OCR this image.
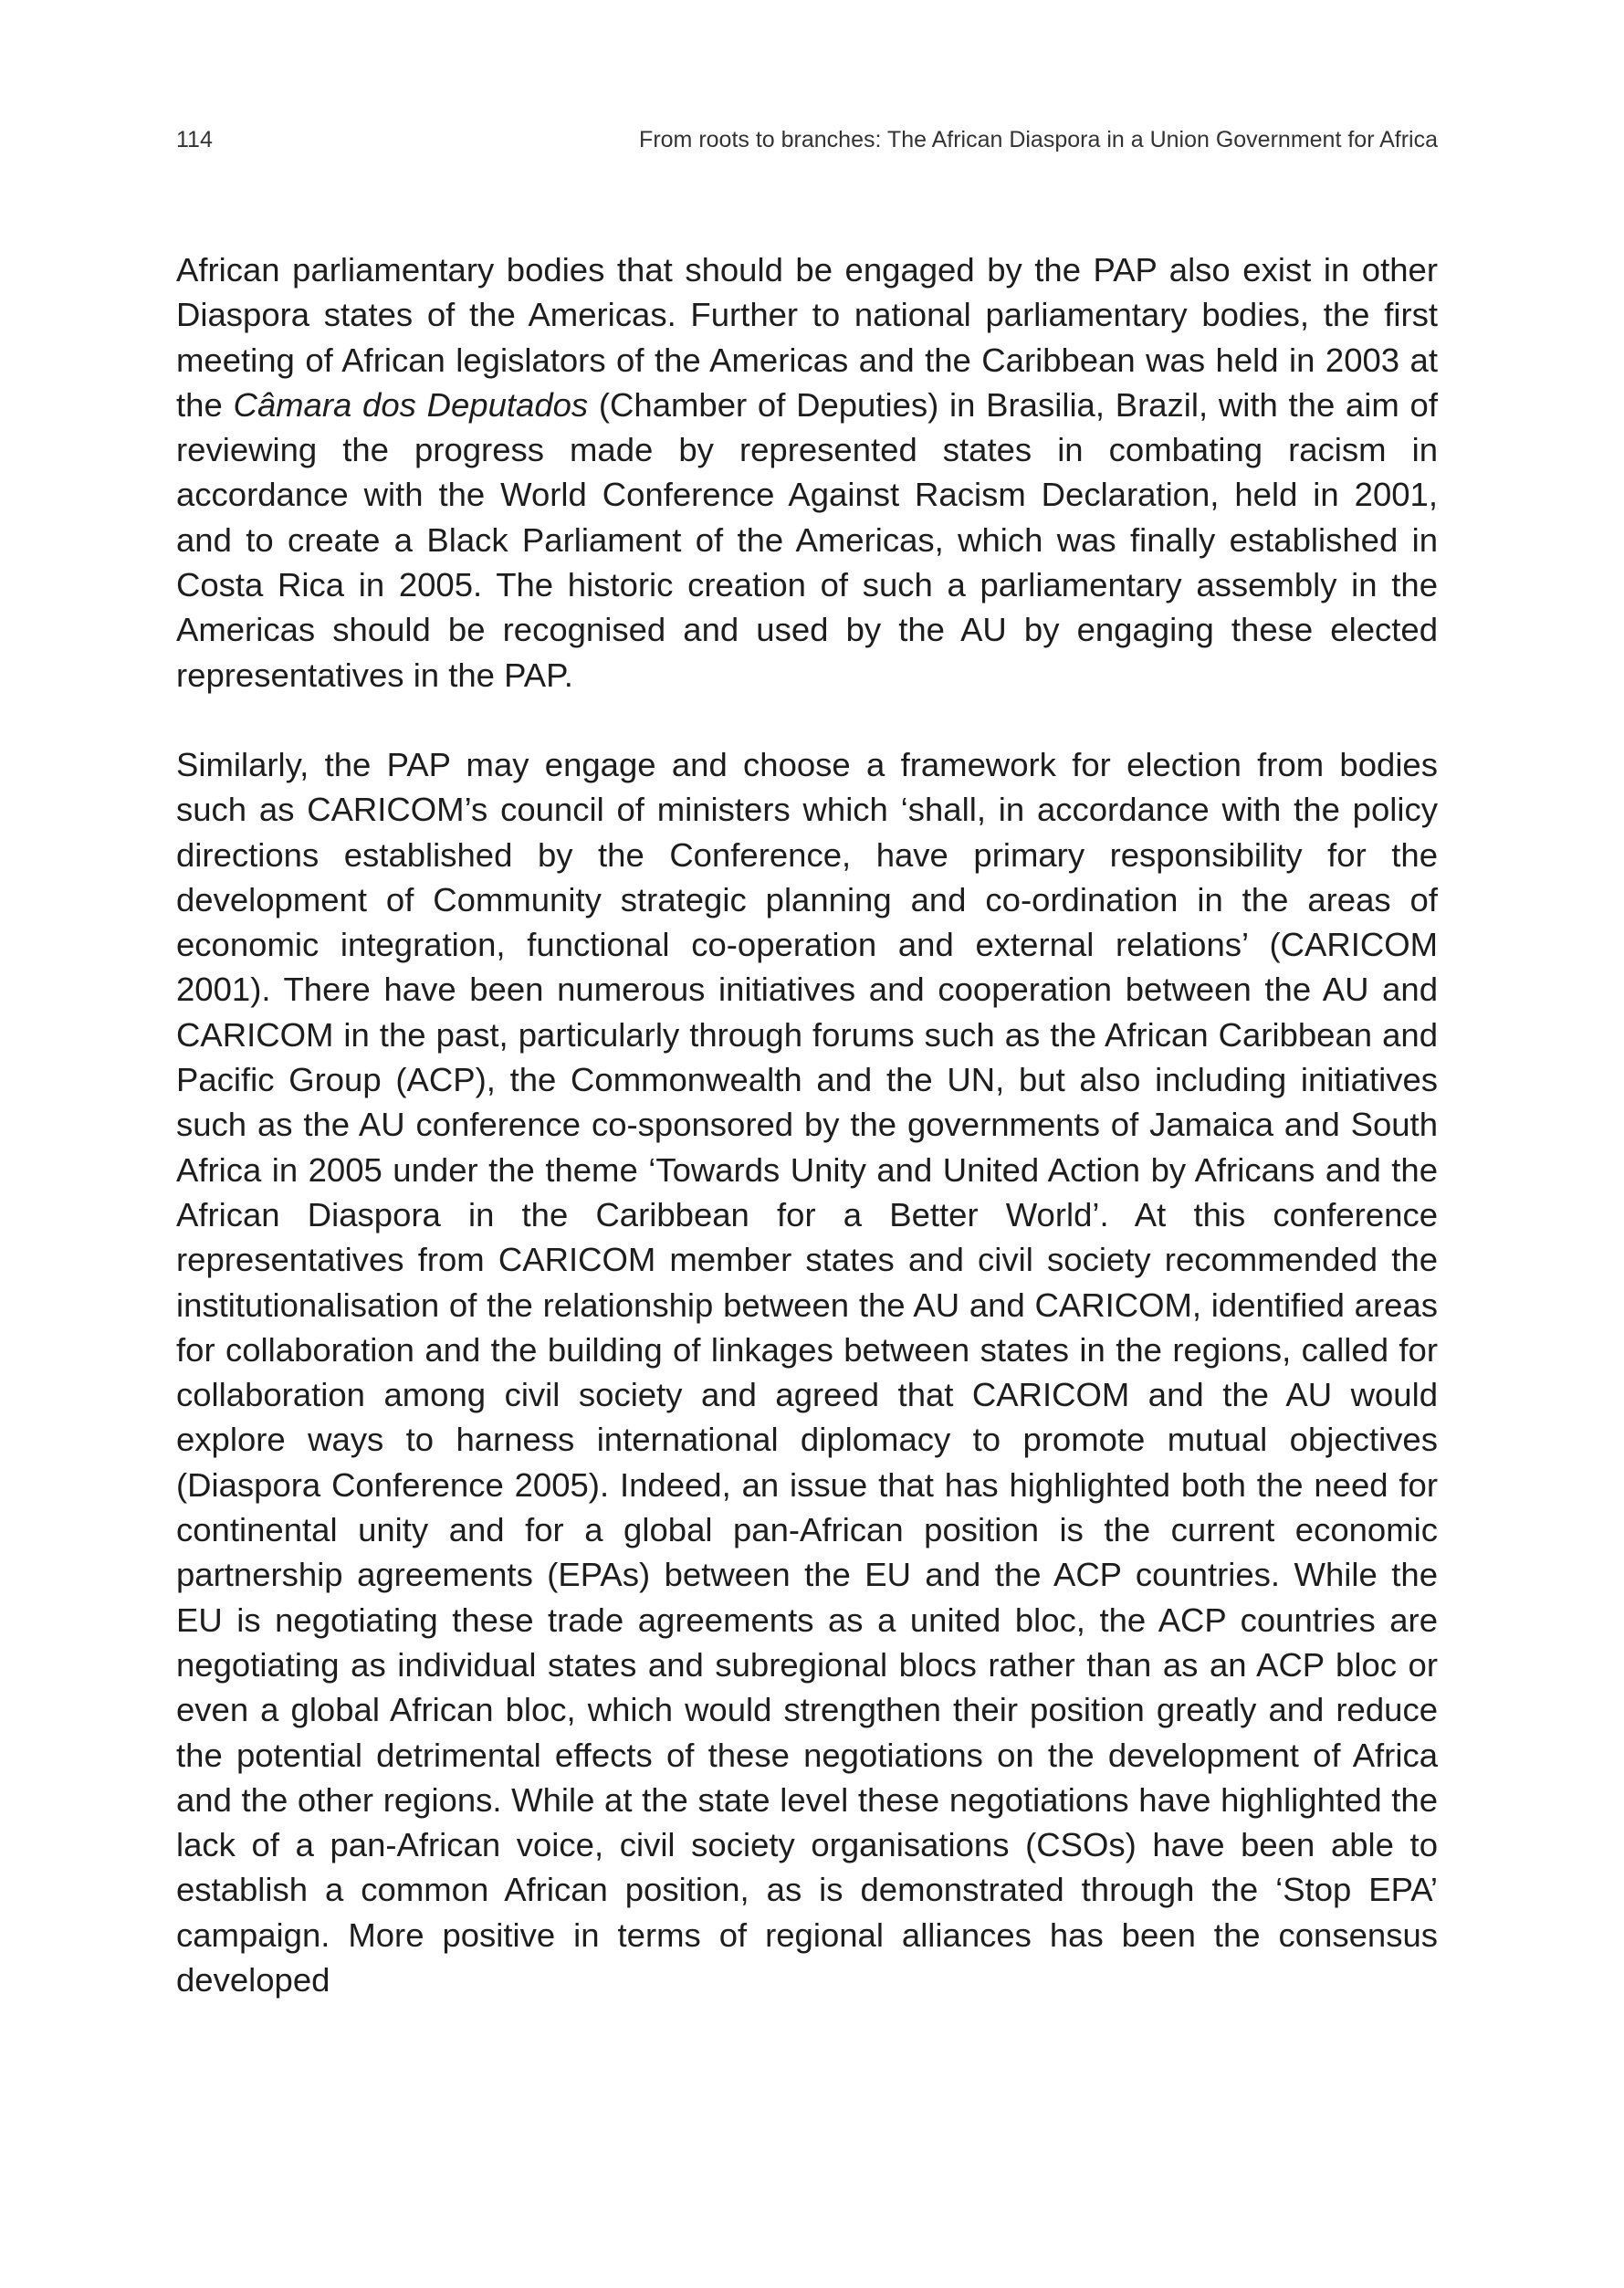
114	From roots to branches: The African Diaspora in a Union Government for Africa

African parliamentary bodies that should be engaged by the PAP also exist in other Diaspora states of the Americas. Further to national parliamentary bodies, the first meeting of African legislators of the Americas and the Caribbean was held in 2003 at the Câmara dos Deputados (Chamber of Deputies) in Brasilia, Brazil, with the aim of reviewing the progress made by represented states in combating racism in accordance with the World Conference Against Racism Declaration, held in 2001, and to create a Black Parliament of the Americas, which was finally established in Costa Rica in 2005. The historic creation of such a parliamentary assembly in the Americas should be recognised and used by the AU by engaging these elected representatives in the PAP.

Similarly, the PAP may engage and choose a framework for election from bodies such as CARICOM’s council of ministers which ‘shall, in accordance with the policy directions established by the Conference, have primary responsibility for the development of Community strategic planning and co-ordination in the areas of economic integration, functional co-operation and external relations’ (CARICOM 2001). There have been numerous initiatives and cooperation between the AU and CARICOM in the past, particularly through forums such as the African Caribbean and Pacific Group (ACP), the Commonwealth and the UN, but also including initiatives such as the AU conference co-sponsored by the governments of Jamaica and South Africa in 2005 under the theme ‘Towards Unity and United Action by Africans and the African Diaspora in the Caribbean for a Better World’. At this conference representatives from CARICOM member states and civil society recommended the institutionalisation of the relationship between the AU and CARICOM, identified areas for collaboration and the building of linkages between states in the regions, called for collaboration among civil society and agreed that CARICOM and the AU would explore ways to harness international diplomacy to promote mutual objectives (Diaspora Conference 2005). Indeed, an issue that has highlighted both the need for continental unity and for a global pan-African position is the current economic partnership agreements (EPAs) between the EU and the ACP countries. While the EU is negotiating these trade agreements as a united bloc, the ACP countries are negotiating as individual states and subregional blocs rather than as an ACP bloc or even a global African bloc, which would strengthen their position greatly and reduce the potential detrimental effects of these negotiations on the development of Africa and the other regions. While at the state level these negotiations have highlighted the lack of a pan-African voice, civil society organisations (CSOs) have been able to establish a common African position, as is demonstrated through the ‘Stop EPA’ campaign. More positive in terms of regional alliances has been the consensus developed
